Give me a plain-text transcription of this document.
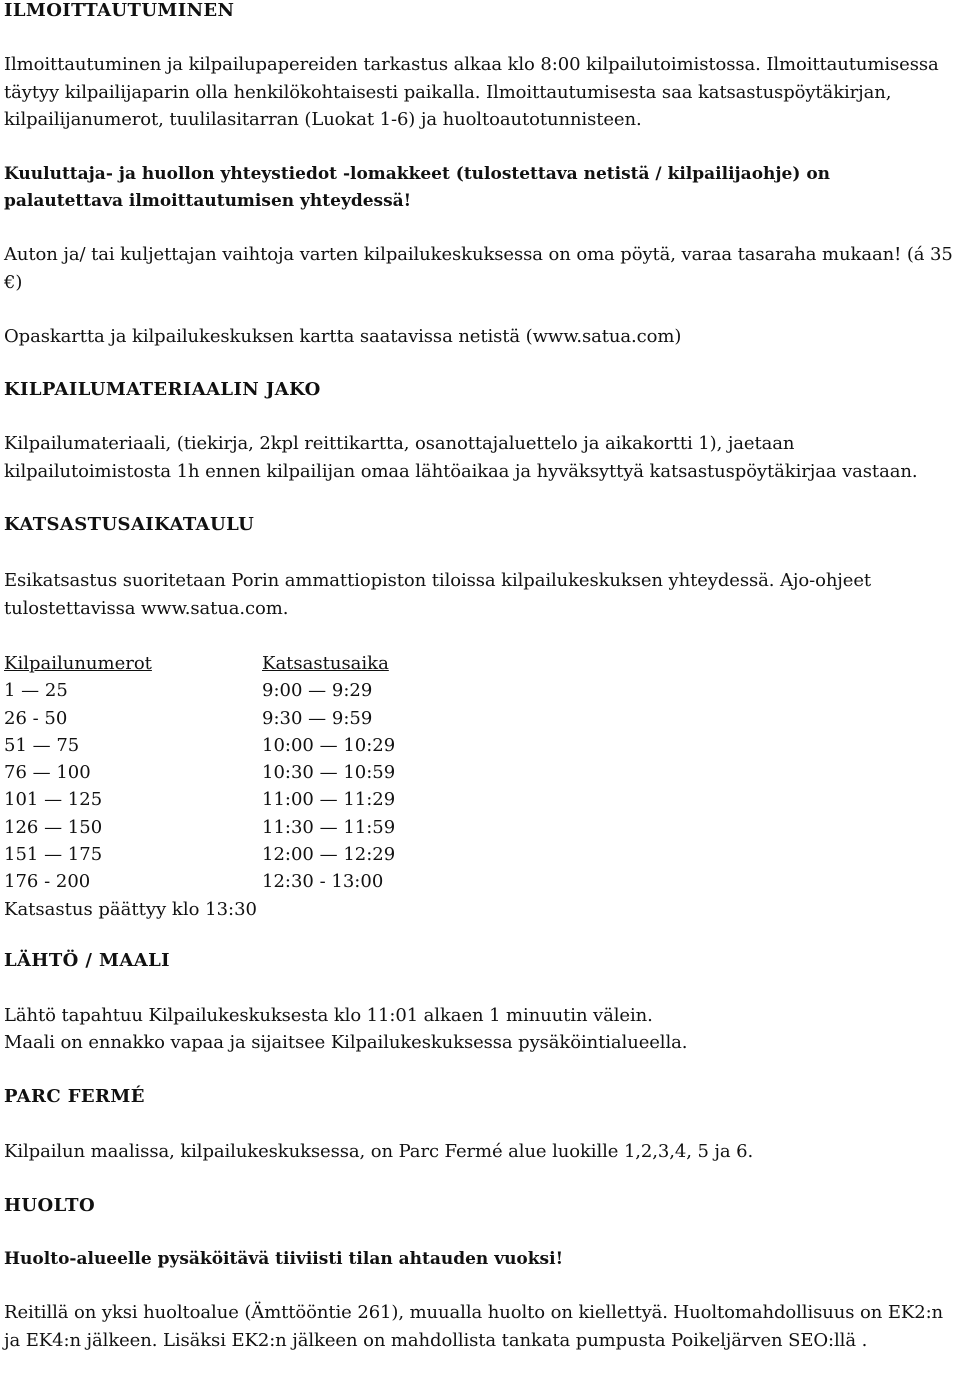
ILMOITTAUTUMINEN

Ilmoittautuminen ja kilpailupapereiden tarkastus alkaa klo 8:00 kilpailutoimistossa. Ilmoittautumisessa täytyy kilpailijaparin olla henkilökohtaisesti paikalla. Ilmoittautumisesta saa katsastuspöytäkirjan, kilpailijanumerot, tuulilasitarran (Luokat 1-6) ja huoltoautotunnisteen.

Kuuluttaja- ja huollon yhteystiedot -lomakkeet (tulostettava netistä / kilpailijaohje) on palautettava ilmoittautumisen yhteydessä!

Auton ja/ tai kuljettajan vaihtoja varten kilpailukeskuksessa on oma pöytä, varaa tasaraha mukaan! (á 35 €)

Opaskartta ja kilpailukeskuksen kartta saatavissa netistä (www.satua.com)

KILPAILUMATERIAALIN JAKO

Kilpailumateriaali, (tiekirja, 2kpl reittikartta, osanottajaluettelo ja aikakortti 1), jaetaan kilpailutoimistosta 1h ennen kilpailijan omaa lähtöaikaa ja hyväksyttyä katsastuspöytäkirjaa vastaan.

KATSASTUSAIKATAULU

Esikatsastus suoritetaan Porin ammattiopiston tiloissa kilpailukeskuksen yhteydessä. Ajo-ohjeet tulostettavissa www.satua.com.

Kilpailunumerot	Katsastusaika
1 — 25	9:00 — 9:29
26 - 50	9:30 — 9:59
51 — 75	10:00 — 10:29
76 — 100	10:30 — 10:59
101 — 125	11:00 — 11:29
126 — 150	11:30 — 11:59
151 — 175	12:00 — 12:29
176 - 200	12:30 - 13:00
Katsastus päättyy klo 13:30
LÄHTÖ / MAALI

Lähtö tapahtuu Kilpailukeskuksesta klo 11:01 alkaen 1 minuutin välein.

Maali on ennakko vapaa ja sijaitsee Kilpailukeskuksessa pysäköintialueella.

PARC FERMÉ

Kilpailun maalissa, kilpailukeskuksessa, on Parc Fermé alue luokille 1,2,3,4, 5 ja 6.

HUOLTO

Huolto-alueelle pysäköitävä tiiviisti tilan ahtauden vuoksi!

Reitillä on yksi huoltoalue (Ämttööntie 261), muualla huolto on kiellettyä. Huoltomahdollisuus on EK2:n ja EK4:n jälkeen. Lisäksi EK2:n jälkeen on mahdollista tankata pumpusta Poikeljärven SEO:llä .
